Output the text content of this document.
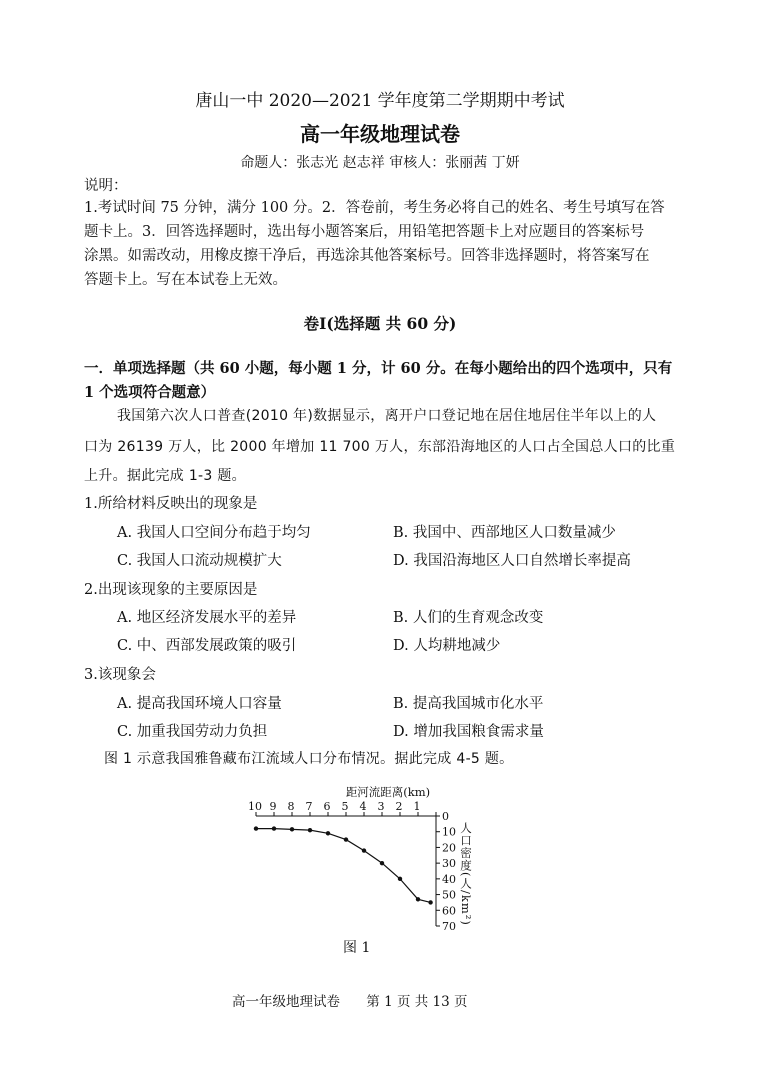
唐山一中 2020—2021 学年度第二学期期中考试
高一年级地理试卷
命题人：张志光 赵志祥 审核人：张丽茜 丁妍
说明：
1.考试时间 75 分钟，满分 100 分。2．答卷前，考生务必将自己的姓名、考生号填写在答
题卡上。3．回答选择题时，选出每小题答案后，用铅笔把答题卡上对应题目的答案标号
涂黑。如需改动，用橡皮擦干净后，再选涂其他答案标号。回答非选择题时，将答案写在
答题卡上。写在本试卷上无效。
卷I(选择题 共 60 分)
一．单项选择题（共 60 小题，每小题 1 分，计 60 分。在每小题给出的四个选项中，只有
1 个选项符合题意）
我国第六次人口普查(2010 年)数据显示，离开户口登记地在居住地居住半年以上的人
口为 26139 万人，比 2000 年增加 11 700 万人，东部沿海地区的人口占全国总人口的比重
上升。据此完成 1-3 题。
1.所给材料反映出的现象是
A. 我国人口空间分布趋于均匀	B. 我国中、西部地区人口数量减少
C. 我国人口流动规模扩大	D. 我国沿海地区人口自然增长率提高
2.出现该现象的主要原因是
A. 地区经济发展水平的差异	B. 人们的生育观念改变
C. 中、西部发展政策的吸引	D. 人均耕地减少
3.该现象会
A. 提高我国环境人口容量	B. 提高我国城市化水平
C. 加重我国劳动力负担	D. 增加我国粮食需求量
图 1 示意我国雅鲁藏布江流域人口分布情况。据此完成 4-5 题。
10 9 8 7 6 5 4 3 2 1
0
10
20
30
40
50
60
70
距河流距离(km)
人口密度(人/km²)
图 1
高一年级地理试卷 第 1 页 共 13 页
